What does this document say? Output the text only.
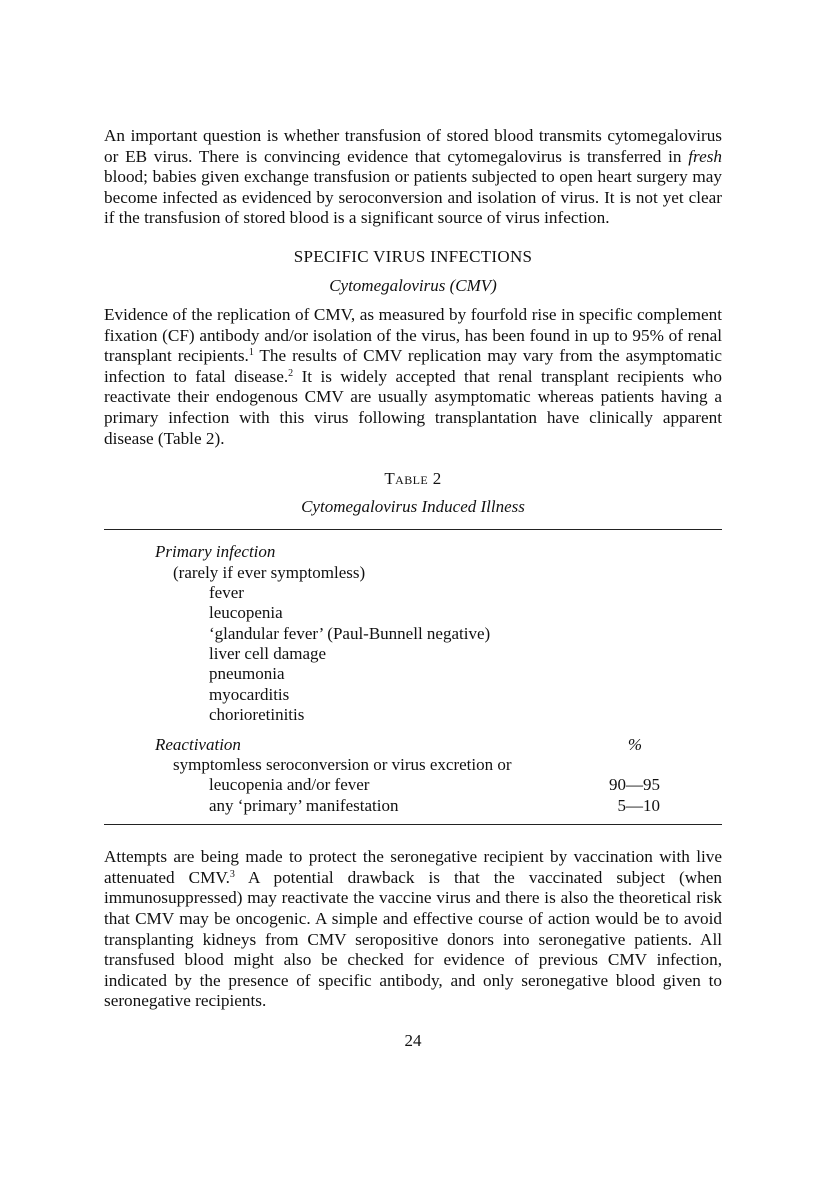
An important question is whether transfusion of stored blood transmits cytomegalovirus or EB virus. There is convincing evidence that cytomegalovirus is transferred in fresh blood; babies given exchange transfusion or patients subjected to open heart surgery may become infected as evidenced by seroconversion and isolation of virus. It is not yet clear if the transfusion of stored blood is a significant source of virus infection.

SPECIFIC VIRUS INFECTIONS
Cytomegalovirus (CMV)

Evidence of the replication of CMV, as measured by fourfold rise in specific complement fixation (CF) antibody and/or isolation of the virus, has been found in up to 95% of renal transplant recipients.$^1$ The results of CMV replication may vary from the asymptomatic infection to fatal disease.$^2$ It is widely accepted that renal transplant recipients who reactivate their endogenous CMV are usually asymptomatic whereas patients having a primary infection with this virus following transplantation have clinically apparent disease (Table 2).

Table 2
Cytomegalovirus Induced Illness
Primary infection
(rarely if ever symptomless)
fever
leucopenia
‘glandular fever’ (Paul-Bunnell negative)
liver cell damage
pneumonia
myocarditis
chorioretinitis
Reactivation	%
symptomless seroconversion or virus excretion or
leucopenia and/or fever	90—95
any ‘primary’ manifestation	5—10

Attempts are being made to protect the seronegative recipient by vaccination with live attenuated CMV.$^3$ A potential drawback is that the vaccinated subject (when immunosuppressed) may reactivate the vaccine virus and there is also the theoretical risk that CMV may be oncogenic. A simple and effective course of action would be to avoid transplanting kidneys from CMV seropositive donors into seronegative patients. All transfused blood might also be checked for evidence of previous CMV infection, indicated by the presence of specific antibody, and only seronegative blood given to seronegative recipients.

24
